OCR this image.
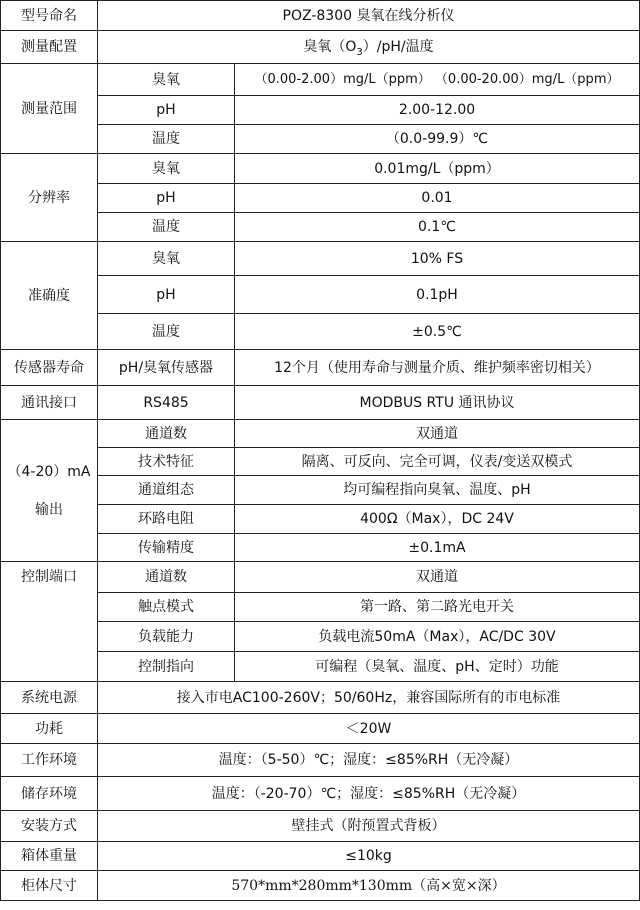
型号命名	POZ-8300 臭氧在线分析仪	
测量配置	臭氧$(O_3)/pH/$温度	
测量范围	臭氧	（0.00-2.00）mg/L（ppm） （0.00-20.00）mg/L（ppm）
	pH	2.00-12.00
	温度	（0.0-99.9）℃
分辨率	臭氧	0.01mg/L（ppm）
	pH	0.01
	温度	0.1℃
准确度	臭氧	10% FS
	pH	0.1pH
	温度	±0.5℃
传感器寿命	pH/臭氧传感器	12个月（使用寿命与测量介质、维护频率密切相关）
通讯接口	RS485	MODBUS RTU 通讯协议

（4-20）mA
输出	通道数	双通道
	技术特征	隔离、可反向、完全可调，仪表/变送双模式
	通道组态	均可编程指向臭氧、温度、pH
	环路电阻	400Ω（Max），DC 24V
	传输精度	±0.1mA
控制端口	通道数	双通道
	触点模式	第一路、第二路光电开关
	负载能力	负载电流50mA（Max），AC/DC 30V
	控制指向	可编程（臭氧、温度、pH、定时）功能
系统电源	接入市电AC100-260V；50/60Hz，兼容国际所有的市电标准	
功耗	＜20W	
工作环境	温度：（5-50）℃；湿度：≤85%RH（无冷凝）	
储存环境	温度：（-20-70）℃；湿度：≤85%RH（无冷凝）	
安装方式	壁挂式（附预置式背板）	
箱体重量	≤10kg	
柜体尺寸	570*mm*280mm*130mm（高×宽×深）	
